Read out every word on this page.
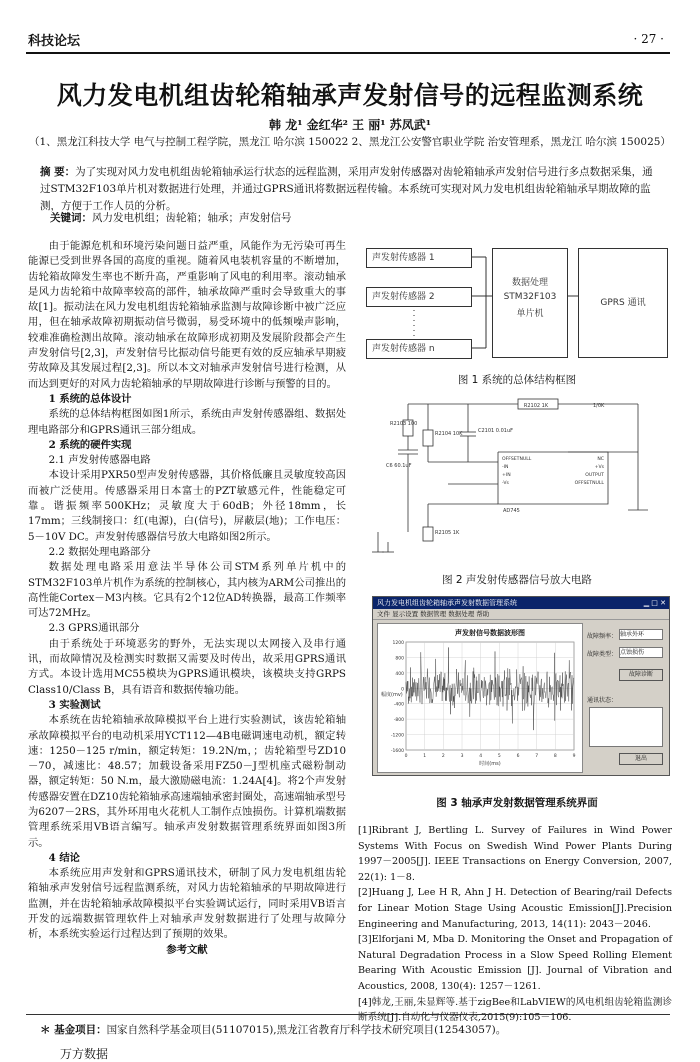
科技论坛	· 27 ·
风力发电机组齿轮箱轴承声发射信号的远程监测系统
韩 龙¹ 金红华² 王 丽¹ 苏凤武¹
（1、黑龙江科技大学 电气与控制工程学院，黑龙江 哈尔滨 150022 2、黑龙江公安警官职业学院 治安管理系，黑龙江 哈尔滨 150025）
摘 要：为了实现对风力发电机组齿轮箱轴承运行状态的远程监测，采用声发射传感器对齿轮箱轴承声发射信号进行多点数据采集，通过STM32F103单片机对数据进行处理，并通过GPRS通讯将数据远程传输。本系统可实现对风力发电机组齿轮箱轴承早期故障的监测，方便于工作人员的分析。
关键词：风力发电机组；齿轮箱；轴承；声发射信号

由于能源危机和环境污染问题日益严重，风能作为无污染可再生能源已受到世界各国的高度的重视。随着风电装机容量的不断增加，齿轮箱故障发生率也不断升高，严重影响了风电的利用率。滚动轴承是风力齿轮箱中故障率较高的部件，轴承故障严重时会导致重大的事故[1]。振动法在风力发电机组齿轮箱轴承监测与故障诊断中被广泛应用，但在轴承故障初期振动信号微弱，易受环境中的低频噪声影响，较难准确检测出故障。滚动轴承在故障形成初期及发展阶段都会产生声发射信号[2,3]，声发射信号比振动信号能更有效的反应轴承早期疲劳故障及其发展过程[2,3]。所以本文对轴承声发射信号进行检测，从而达到更好的对风力齿轮箱轴承的早期故障进行诊断与预警的目的。

1 系统的总体设计

系统的总体结构框图如图1所示，系统由声发射传感器组、数据处理电路部分和GPRS通讯三部分组成。

2 系统的硬件实现
2.1 声发射传感器电路

本设计采用PXR50型声发射传感器，其价格低廉且灵敏度较高因而被广泛使用。传感器采用日本富士的PZT敏感元件，性能稳定可靠。谐振频率500KHz；灵敏度大于60dB；外径18mm，长17mm；三线制接口：红(电源)，白(信号)，屏蔽层(地)；工作电压：5－10V DC。声发射传感器信号放大电路如图2所示。

2.2 数据处理电路部分

数据处理电路采用意法半导体公司STM系列单片机中的STM32F103单片机作为系统的控制核心，其内核为ARM公司推出的高性能Cortex－M3内核。它具有2个12位AD转换器，最高工作频率可达72MHz。

2.3 GPRS通讯部分

由于系统处于环境恶劣的野外，无法实现以太网接入及串行通讯，而故障情况及检测实时数据又需要及时传出，故采用GPRS通讯方式。本设计选用MC55模块为GPRS通讯模块，该模块支持GRPS Class10/Class B，具有语音和数据传输功能。

3 实验测试

本系统在齿轮箱轴承故障模拟平台上进行实验测试，该齿轮箱轴承故障模拟平台的电动机采用YCT112—4B电磁调速电动机，额定转速：1250－125 r/min，额定转矩：19.2N/m，；齿轮箱型号ZD10－70，减速比：48.57；加载设备采用FZ50－J型机座式磁粉制动器，额定转矩：50 N.m，最大激励磁电流：1.24A[4]。将2个声发射传感器安置在DZ10齿轮箱轴承高速端轴承密封圈处，高速端轴承型号为6207－2RS，其外环用电火花机人工制作点蚀损伤。计算机端数据管理系统采用VB语言编写。轴承声发射数据管理系统界面如图3所示。

4 结论

本系统应用声发射和GPRS通讯技术，研制了风力发电机组齿轮箱轴承声发射信号远程监测系统，对风力齿轮箱轴承的早期故障进行监测，并在齿轮箱轴承故障模拟平台实验调试运行，同时采用VB语言开发的远端数据管理软件上对轴承声发射数据进行了处理与故障分析，本系统实验运行过程达到了预期的效果。

参考文献
声发射传感器 1
声发射传感器 2
声发射传感器 n
数据处理
STM32F103
单片机
GPRS 通讯
图 1 系统的总体结构框图
R2102 1K	1/0K
R2103 100
R2104 10K	C2101 0.01uF
C6 60.1uF
R2105 1K
AD745
OFFSETNULL
-IN
+IN
-Vs
NC
+Vs
OUTPUT
OFFSETNULL
图 2 声发射传感器信号放大电路
风力发电机组齿轮箱轴承声发射数据管理系统	▁ □ ✕
文件 显示设置 数据管理 数据处理 帮助
声发射信号数据波形图
1200
800
400
0
-400
-800
-1200
-1600
0	1	2	3	4	5	6	7	8	9
幅度(mv)
时间(ms)
故障频率： 轴承外环
故障类型： 点蚀损伤
故障诊断
通讯状态：
退出
图 3 轴承声发射数据管理系统界面
[1]Ribrant J, Bertling L. Survey of Failures in Wind Power Systems With Focus on Swedish Wind Power Plants During 1997－2005[J]. IEEE Transactions on Energy Conversion, 2007, 22(1): 1－8.
[2]Huang J, Lee H R, Ahn J H. Detection of Bearing/rail Defects for Linear Motion Stage Using Acoustic Emission[J].Precision Engineering and Manufacturing, 2013, 14(11): 2043－2046.
[3]Elforjani M, Mba D. Monitoring the Onset and Propagation of Natural Degradation Process in a Slow Speed Rolling Element Bearing With Acoustic Emission [J]. Journal of Vibration and Acoustics, 2008, 130(4): 1257－1261.
[4]韩龙,王丽,朱显辉等.基于zigBee和LabVIEW的风电机组齿轮箱监测诊断系统[J].自动化与仪器仪表,2015(9):105－106.
＊ 基金项目：国家自然科学基金项目(51107015),黑龙江省教育厅科学技术研究项目(12543057)。
万方数据
